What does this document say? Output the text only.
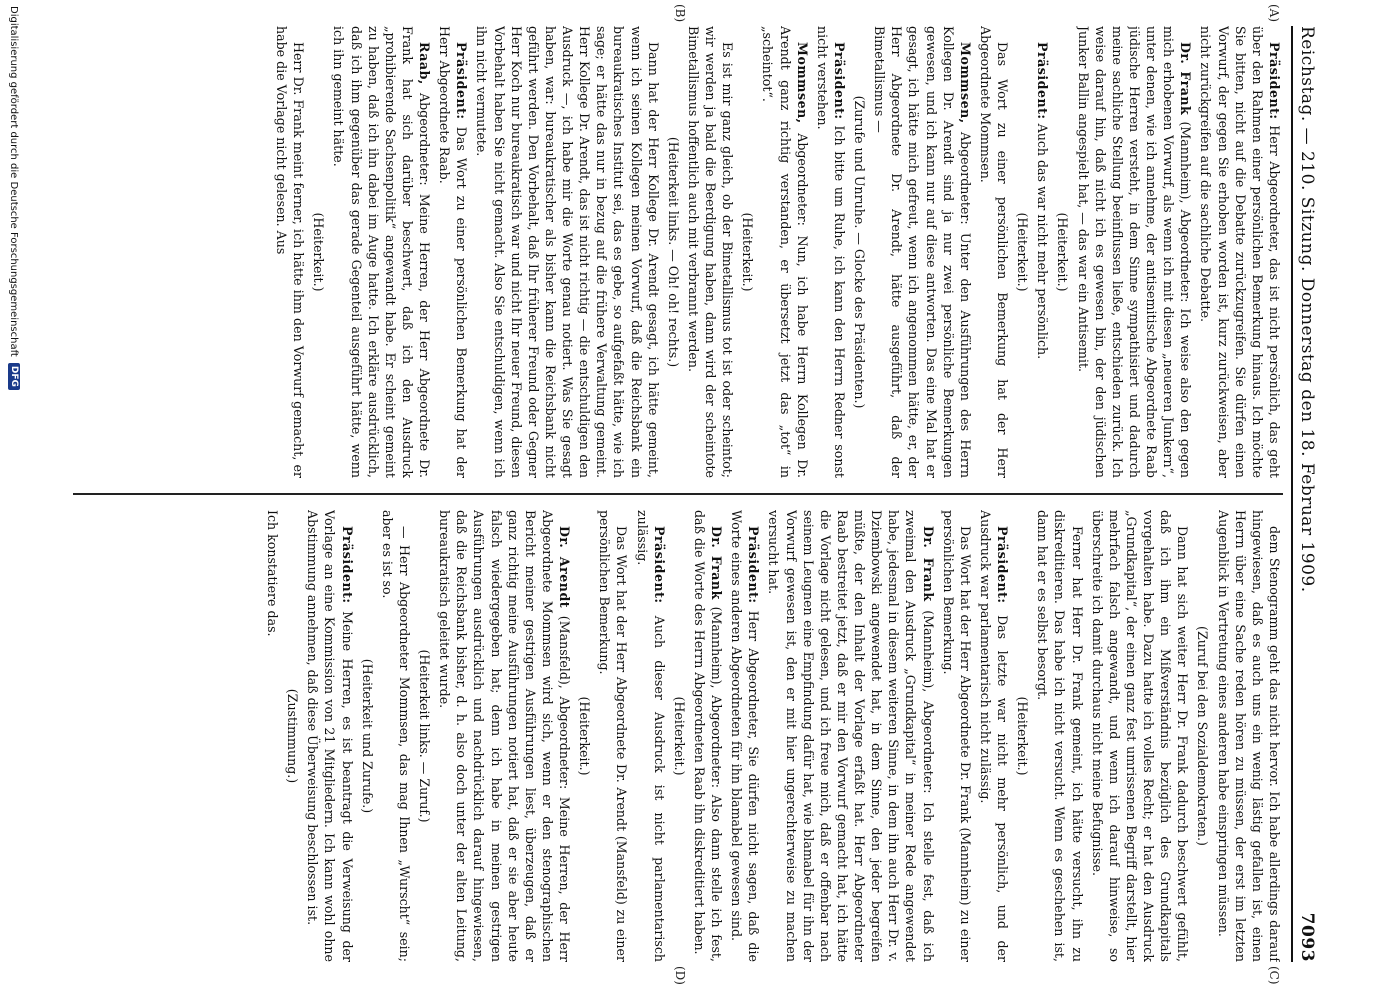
Digitalisierung gefördert durch die Deutsche Forschungsgemeinschaft
DFG	Reichstag. — 210. Sitzung. Donnerstag den 18. Februar 1909.
7093
(A)
(B)
(C)
(D)

Präsident: Herr Abgeordneter, das ist nicht persönlich, das geht über den Rahmen einer persönlichen Bemerkung hinaus. Ich möchte Sie bitten, nicht auf die Debatte zurückzugreifen. Sie dürfen einen Vorwurf, der gegen Sie erhoben worden ist, kurz zurückweisen, aber nicht zurückgreifen auf die sachliche Debatte.

Dr. Frank (Mannheim), Abgeordneter: Ich weise also den gegen mich erhobenen Vorwurf, als wenn ich mit diesen „neueren Junkern“, unter denen, wie ich annehme, der antisemitische Abgeordnete Raab jüdische Herren versteht, in dem Sinne sympathisiert und dadurch meine sachliche Stellung beeinflussen ließe, entschieden zurück. Ich weise darauf hin, daß nicht ich es gewesen bin, der den jüdischen Junker Ballin angespielt hat, — das war ein Antisemit.

(Heiterkeit.)

Präsident: Auch das war nicht mehr persönlich.

(Heiterkeit.)

Das Wort zu einer persönlichen Bemerkung hat der Herr Abgeordnete Mommsen.

Mommsen, Abgeordneter: Unter den Ausführungen des Herrn Kollegen Dr. Arendt sind ja nur zwei persönliche Bemerkungen gewesen, und ich kann nur auf diese antworten. Das eine Mal hat er gesagt, ich hätte mich gefreut, wenn ich angenommen hätte, er, der Herr Abgeordnete Dr. Arendt, hätte ausgeführt, daß der Bimetallismus —

(Zurufe und Unruhe. — Glocke des Präsidenten.)

Präsident: Ich bitte um Ruhe, ich kann den Herrn Redner sonst nicht verstehen.

Mommsen, Abgeordneter: Nun, ich habe Herrn Kollegen Dr. Arendt ganz richtig verstanden, er übersetzt jetzt das „tot“ in „scheintot“.

(Heiterkeit.)

Es ist mir ganz gleich, ob der Bimetallismus tot ist oder scheintot; wir werden ja bald die Beerdigung haben, dann wird der scheintote Bimetallismus hoffentlich auch mit verbrannt werden.

(Heiterkeit links. — Oh! oh! rechts.)

Dann hat der Herr Kollege Dr. Arendt gesagt, ich hätte gemeint, wenn ich seinen Kollegen meinen Vorwurf, daß die Reichsbank ein bureaukratisches Institut sei, das es gebe, so aufgefaßt hätte, wie ich sage; er hätte das nur in bezug auf die frühere Verwaltung gemeint. Herr Kollege Dr. Arendt, das ist nicht richtig — die entschuldigen den Ausdruck —, ich habe mir die Worte genau notiert. Was Sie gesagt haben, war: bureaukratischer als bisher kann die Reichsbank nicht geführt werden. Den Vorbehalt, daß Ihr früherer Freund oder Gegner Herr Koch nur bureaukratisch war und nicht Ihr neuer Freund, diesen Vorbehalt haben Sie nicht gemacht. Also Sie entschuldigen, wenn ich ihn nicht vermutete.

Präsident: Das Wort zu einer persönlichen Bemerkung hat der Herr Abgeordnete Raab.

Raab, Abgeordneter: Meine Herren, der Herr Abgeordnete Dr. Frank hat sich darüber beschwert, daß ich den Ausdruck „prohibierende Sachsenpolitik“ angewandt habe. Er scheint gemeint zu haben, daß ich ihn dabei im Auge hatte. Ich erkläre ausdrücklich, daß ich ihm gegenüber das gerade Gegenteil ausgeführt hätte, wenn ich ihn gemeint hätte.

(Heiterkeit.)

Herr Dr. Frank meint ferner, ich hätte ihm den Vorwurf gemacht, er habe die Vorlage nicht gelesen. Aus

dem Stenogramm geht das nicht hervor. Ich habe allerdings darauf hingewiesen, daß es auch uns ein wenig lästig gefallen ist, einen Herrn über eine Sache reden hören zu müssen, der erst im letzten Augenblick in Vertretung eines anderen habe einspringen müssen.

(Zuruf bei den Sozialdemokraten.)

Dann hat sich weiter Herr Dr. Frank dadurch beschwert gefühlt, daß ich ihm ein Mißverständnis bezüglich des Grundkapitals vorgehalten habe. Dazu hatte ich volles Recht; er hat den Ausdruck „Grundkapital“, der einen ganz fest umrissenen Begriff darstellt, hier mehrfach falsch angewandt, und wenn ich darauf hinweise, so überschreite ich damit durchaus nicht meine Befugnisse.

Ferner hat Herr Dr. Frank gemeint, ich hätte versucht, ihn zu diskreditieren. Das habe ich nicht versucht. Wenn es geschehen ist, dann hat er es selbst besorgt.

(Heiterkeit.)

Präsident: Das letzte war nicht mehr persönlich, und der Ausdruck war parlamentarisch nicht zulässig.

Das Wort hat der Herr Abgeordnete Dr. Frank (Mannheim) zu einer persönlichen Bemerkung.

Dr. Frank (Mannheim), Abgeordneter: Ich stelle fest, daß ich zweimal den Ausdruck „Grundkapital“ in meiner Rede angewendet habe, jedesmal in diesem weiteren Sinne, in dem ihn auch Herr Dr. v. Dziembowski angewendet hat, in dem Sinne, den jeder begreifen müßte, der den Inhalt der Vorlage erfaßt hat. Herr Abgeordneter Raab bestreitet jetzt, daß er mir den Vorwurf gemacht hat, ich hätte die Vorlage nicht gelesen, und ich freue mich, daß er offenbar nach seinem Leugnen eine Empfindung dafür hat, wie blamabel für ihn der Vorwurf gewesen ist, den er mit hier ungerechterweise zu machen versucht hat.

Präsident: Herr Abgeordneter, Sie dürfen nicht sagen, daß die Worte eines anderen Abgeordneten für ihn blamabel gewesen sind.

Dr. Frank (Mannheim), Abgeordneter: Also dann stelle ich fest, daß die Worte des Herrn Abgeordneten Raab ihn diskreditiert haben.

(Heiterkeit.)

Präsident: Auch dieser Ausdruck ist nicht parlamentarisch zulässig.

Das Wort hat der Herr Abgeordnete Dr. Arendt (Mansfeld) zu einer persönlichen Bemerkung.

(Heiterkeit.)

Dr. Arendt (Mansfeld), Abgeordneter: Meine Herren, der Herr Abgeordnete Mommsen wird sich, wenn er den stenographischen Bericht meiner gestrigen Ausführungen liest, überzeugen, daß er ganz richtig meine Ausführungen notiert hat, daß er sie aber heute falsch wiedergegeben hat; denn ich habe in meinen gestrigen Ausführungen ausdrücklich und nachdrücklich darauf hingewiesen, daß die Reichsbank bisher, d. h. also doch unter der alten Leitung, bureaukratisch geleitet wurde.

(Heiterkeit links. — Zuruf.)

— Herr Abgeordneter Mommsen, das mag Ihnen „Wurscht“ sein; aber es ist so.

(Heiterkeit und Zurufe.)

Präsident: Meine Herren, es ist beantragt die Verweisung der Vorlage an eine Kommission von 21 Mitgliedern. Ich kann wohl ohne Abstimmung annehmen, daß diese Überweisung beschlossen ist.

(Zustimmung.)

Ich konstatiere das.
